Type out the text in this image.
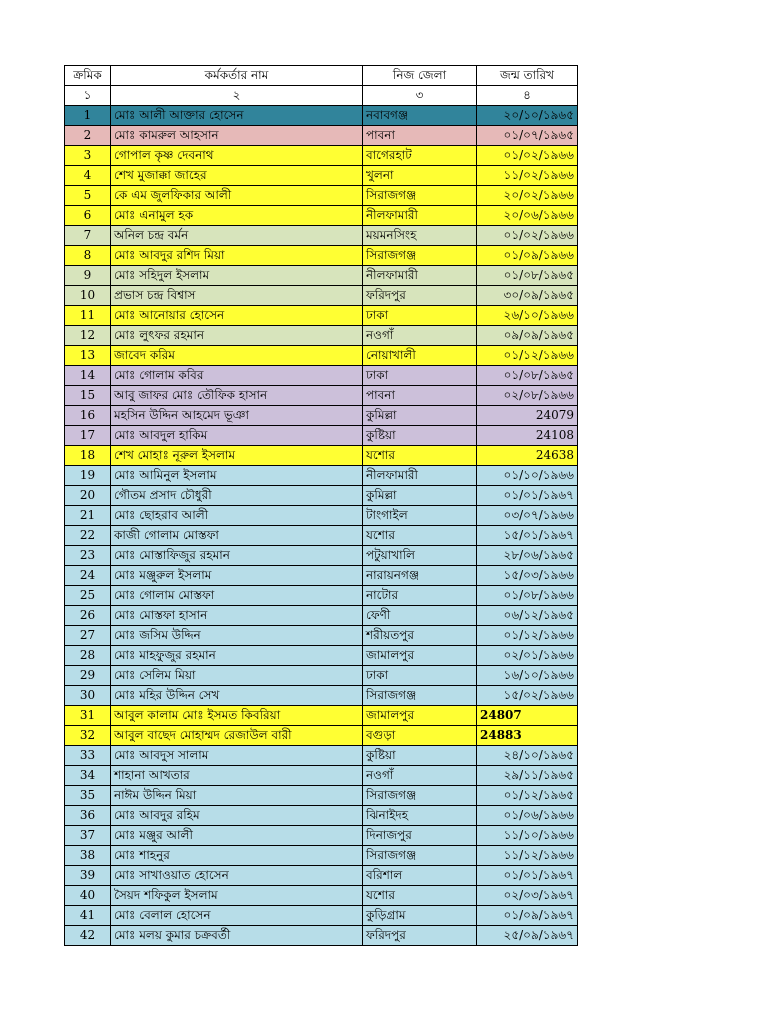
ক্রমিক	কর্মকর্তার নাম	নিজ জেলা	জন্ম তারিখ
১	২	৩	৪
1	মোঃ আলী আক্তার হোসেন	নবাবগঞ্জ	২০/১০/১৯৬৫
2	মোঃ কামরুল আহসান	পাবনা	০১/০৭/১৯৬৫
3	গোপাল কৃষ্ণ দেবনাথ	বাগেরহাট	০১/০২/১৯৬৬
4	শেখ মুজাক্কা জাহের	খুলনা	১১/০২/১৯৬৬
5	কে এম জুলফিকার আলী	সিরাজগঞ্জ	২০/০২/১৯৬৬
6	মোঃ এনামুল হক	নীলফামারী	২০/০৬/১৯৬৬
7	অনিল চন্দ্র বর্মন	ময়মনসিংহ	০১/০২/১৯৬৬
8	মোঃ আবদুর রশিদ মিয়া	সিরাজগঞ্জ	০১/০৯/১৯৬৬
9	মোঃ সহিদুল ইসলাম	নীলফামারী	০১/০৮/১৯৬৫
10	প্রভাস চন্দ্র বিশ্বাস	ফরিদপুর	৩০/০৯/১৯৬৫
11	মোঃ আনোয়ার হোসেন	ঢাকা	২৬/১০/১৯৬৬
12	মোঃ লুৎফর রহমান	নওগাঁ	০৯/০৯/১৯৬৫
13	জাবেদ করিম	নোয়াখালী	০১/১২/১৯৬৬
14	মোঃ গোলাম কবির	ঢাকা	০১/০৮/১৯৬৫
15	আবু জাফর মোঃ তৌফিক হাসান	পাবনা	০২/০৮/১৯৬৬
16	মহসিন উদ্দিন আহমেদ ভূঞা	কুমিল্লা	24079
17	মোঃ আবদুল হাকিম	কুষ্টিয়া	24108
18	শেখ মোহাঃ নূরুল ইসলাম	যশোর	24638
19	মোঃ আমিনুল ইসলাম	নীলফামারী	০১/১০/১৯৬৬
20	গৌতম প্রসাদ চৌধুরী	কুমিল্লা	০১/০১/১৯৬৭
21	মোঃ ছোহরাব আলী	টাংগাইল	০৩/০৭/১৯৬৬
22	কাজী গোলাম মোস্তফা	যশোর	১৫/০১/১৯৬৭
23	মোঃ মোস্তাফিজুর রহমান	পটুয়াখালি	২৮/০৬/১৯৬৫
24	মোঃ মঞ্জুরুল ইসলাম	নারায়নগঞ্জ	১৫/০৩/১৯৬৬
25	মোঃ গোলাম মোস্তফা	নাটোর	০১/০৮/১৯৬৬
26	মোঃ মোস্তফা হাসান	ফেণী	০৬/১২/১৯৬৫
27	মোঃ জসিম উদ্দিন	শরীয়তপুর	০১/১২/১৯৬৬
28	মোঃ মাহফুজুর রহমান	জামালপুর	০২/০১/১৯৬৬
29	মোঃ সেলিম মিয়া	ঢাকা	১৬/১০/১৯৬৬
30	মোঃ মহির উদ্দিন সেখ	সিরাজগঞ্জ	১৫/০২/১৯৬৬
31	আবুল কালাম মোঃ ইসমত কিবরিয়া	জামালপুর	24807
32	আবুল বাছেদ মোহাম্মদ রেজাউল বারী	বগুড়া	24883
33	মোঃ আবদুস সালাম	কুষ্টিয়া	২৪/১০/১৯৬৫
34	শাহানা আখতার	নওগাঁ	২৯/১১/১৯৬৫
35	নাঈম উদ্দিন মিয়া	সিরাজগঞ্জ	০১/১২/১৯৬৫
36	মোঃ আবদুর রহিম	ঝিনাইদহ	০১/০৬/১৯৬৬
37	মোঃ মঞ্জুর আলী	দিনাজপুর	১১/১০/১৯৬৬
38	মোঃ শাহনুর	সিরাজগঞ্জ	১১/১২/১৯৬৬
39	মোঃ সাখাওয়াত হোসেন	বরিশাল	০১/০১/১৯৬৭
40	সৈয়দ শফিকুল ইসলাম	যশোর	০২/০৩/১৯৬৭
41	মোঃ বেলাল হোসেন	কুড়িগ্রাম	০১/০৯/১৯৬৭
42	মোঃ মলয় কুমার চক্রবর্তী	ফরিদপুর	২৫/০৯/১৯৬৭
